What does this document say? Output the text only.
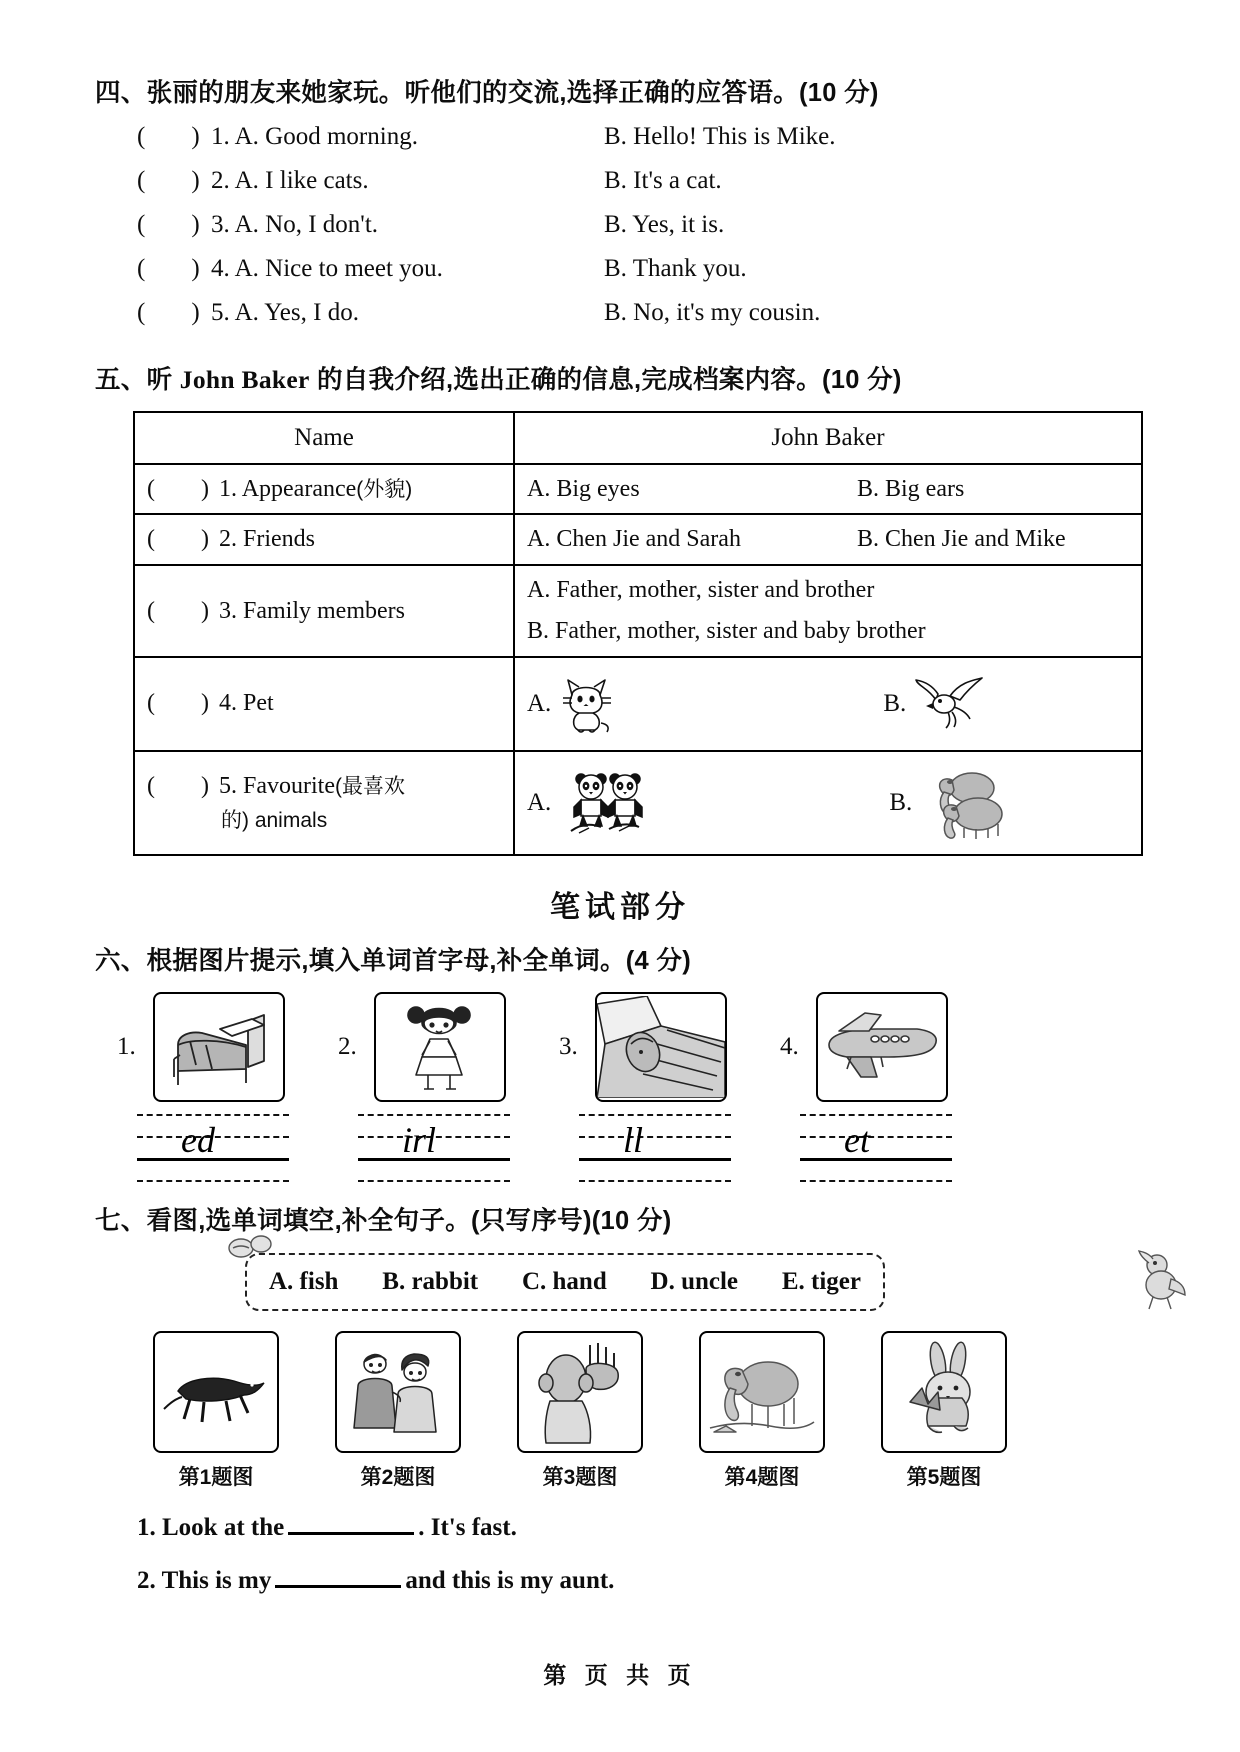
四、张丽的朋友来她家玩。听他们的交流,选择正确的应答语。(10 分)
( ) 1. A. Good morning.	B. Hello! This is Mike.
( ) 2. A. I like cats.	B. It's a cat.
( ) 3. A. No, I don't.	B. Yes, it is.
( ) 4. A. Nice to meet you.	B. Thank you.
( ) 5. A. Yes, I do.	B. No, it's my cousin.
五、听 John Baker 的自我介绍,选出正确的信息,完成档案内容。(10 分)
Name	John Baker
( ) 1. Appearance(外貌)	A. Big eyes B. Big ears

( ) 2. Friends	A. Chen Jie and Sarah B. Chen Jie and Mike

( ) 3. Family members	A. Father, mother, sister and brother
B. Father, mother, sister and baby brother

( ) 4. Pet	A. B.

( ) 5. Favourite(最喜欢
的) animals	A. B.
笔试部分
六、根据图片提示,填入单词首字母,补全单词。(4 分)
1.	2.	3.	4.
ed	irl	ll	et
七、看图,选单词填空,补全句子。(只写序号)(10 分)
A. fish B. rabbit C. hand D. uncle E. tiger
第1题图	第2题图	第3题图	第4题图	第5题图
1. Look at the	. It's fast.
2. This is my	and this is my aunt.
第 页 共 页
